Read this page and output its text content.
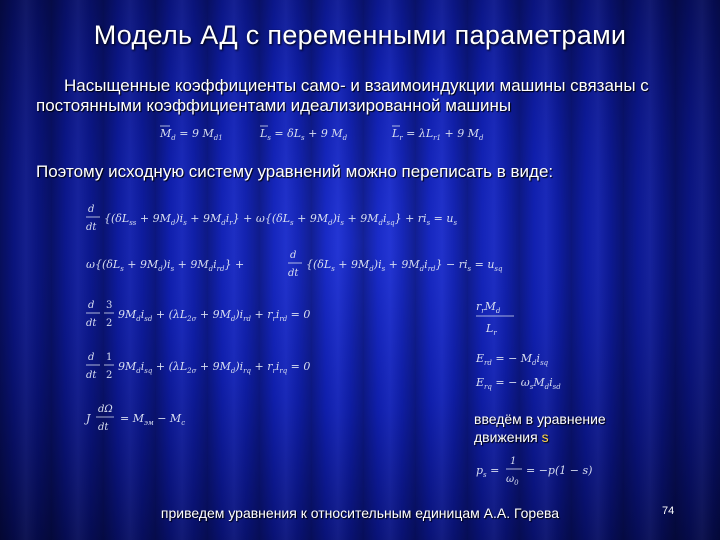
Модель АД с переменными параметрами

Насыщенные коэффициенты само- и взаимоиндукции машины связаны с постоянными коэффициентами идеализированной машины

$M_d = 9$ $M_{d1}$	$L_s = \delta L_s + 9$ $M_d$	$L_r = \lambda L_{r1} + 9$ $M_d$
Поэтому исходную систему уравнений можно переписать в виде:
d
dt
$\{(\delta L_{ss} + 9M_d)i_s + 9M_di_r\} + \omega\{(\delta L_s + 9M_d)i_s + 9M_di_{sq}\} + ri_s = u_s$
$\omega\{(\delta L_s + 9M_d)i_s + 9M_di_{rd}\}$ +
d
dt
$\{(\delta L_s + 9M_d)i_s + 9M_di_{rd}\} - ri_s = u_{sq}$
d
dt
3
2
$9M_di_{sd} + (\lambda L_{2\sigma} + 9M_d)i_{rd} + r_ri_{rd} = 0$
d
dt
1
2
$9M_di_{sq} + (\lambda L_{2\sigma} + 9M_d)i_{rq} + r_ri_{rq} = 0$
J
dΩ
dt
= $M_{эм} - M_c$
$r_rM_d$
$L_r$
$E_{rd}$ = − $M_di_{sq}$
$E_{rq}$ = − $\omega_sM_di_{sd}$
введём в уравнение
движения s
$p_s$ =
1
$\omega_0$
= −p(1 − s)
приведем уравнения к относительным единицам А.А. Горева	74
